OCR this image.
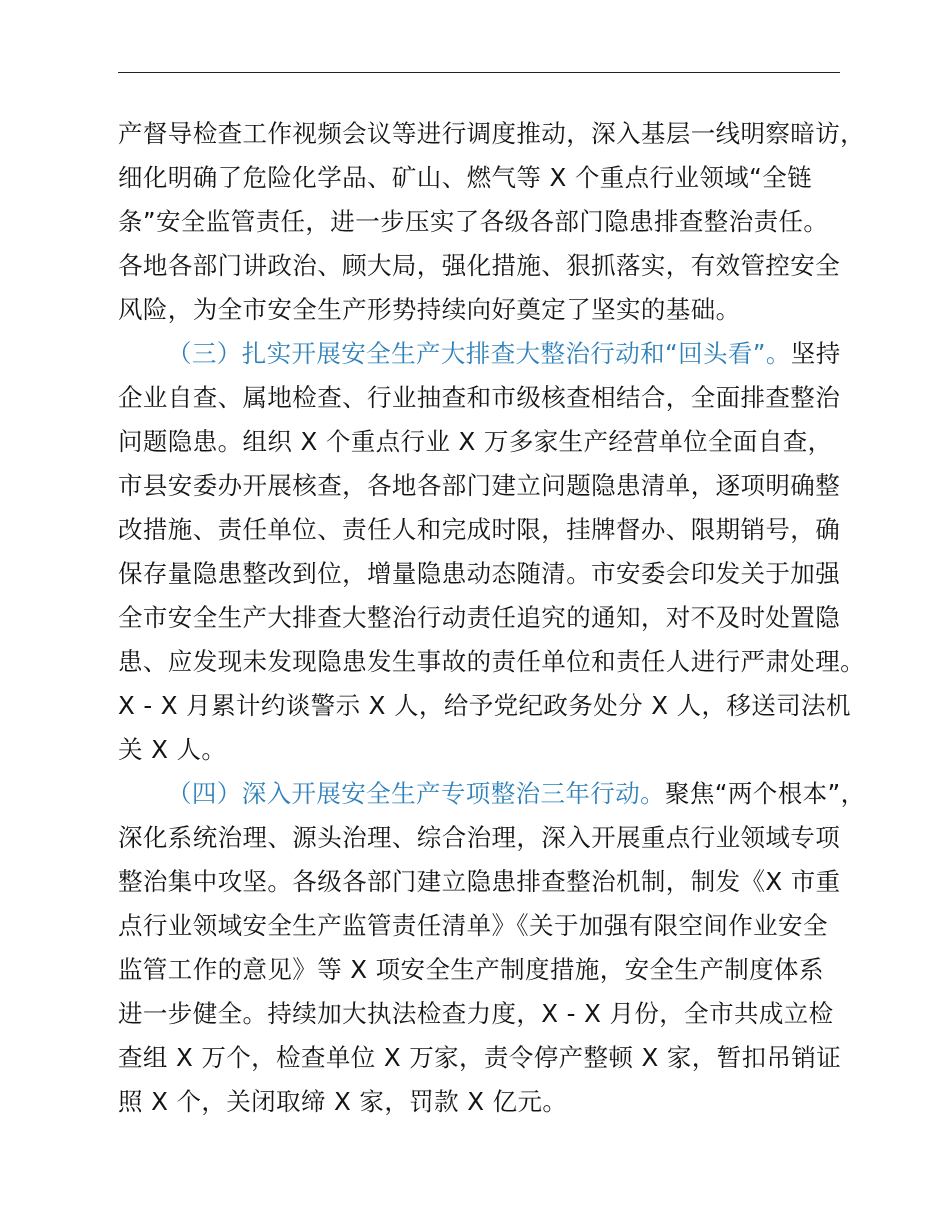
产督导检查工作视频会议等进行调度推动，深入基层一线明察暗访，
细化明确了危险化学品、矿山、燃气等 X 个重点行业领域“全链
条”安全监管责任，进一步压实了各级各部门隐患排查整治责任。
各地各部门讲政治、顾大局，强化措施、狠抓落实，有效管控安全
风险，为全市安全生产形势持续向好奠定了坚实的基础。
（三）扎实开展安全生产大排查大整治行动和“回头看”。坚持
企业自查、属地检查、行业抽查和市级核查相结合，全面排查整治
问题隐患。组织 X 个重点行业 X 万多家生产经营单位全面自查，
市县安委办开展核查，各地各部门建立问题隐患清单，逐项明确整
改措施、责任单位、责任人和完成时限，挂牌督办、限期销号，确
保存量隐患整改到位，增量隐患动态随清。市安委会印发关于加强
全市安全生产大排查大整治行动责任追究的通知，对不及时处置隐
患、应发现未发现隐患发生事故的责任单位和责任人进行严肃处理。
X - X 月累计约谈警示 X 人，给予党纪政务处分 X 人，移送司法机
关 X 人。
（四）深入开展安全生产专项整治三年行动。聚焦“两个根本”，
深化系统治理、源头治理、综合治理，深入开展重点行业领域专项
整治集中攻坚。各级各部门建立隐患排查整治机制，制发《X 市重
点行业领域安全生产监管责任清单》《关于加强有限空间作业安全
监管工作的意见》等 X 项安全生产制度措施，安全生产制度体系
进一步健全。持续加大执法检查力度，X - X 月份，全市共成立检
查组 X 万个，检查单位 X 万家，责令停产整顿 X 家，暂扣吊销证
照 X 个，关闭取缔 X 家，罚款 X 亿元。
